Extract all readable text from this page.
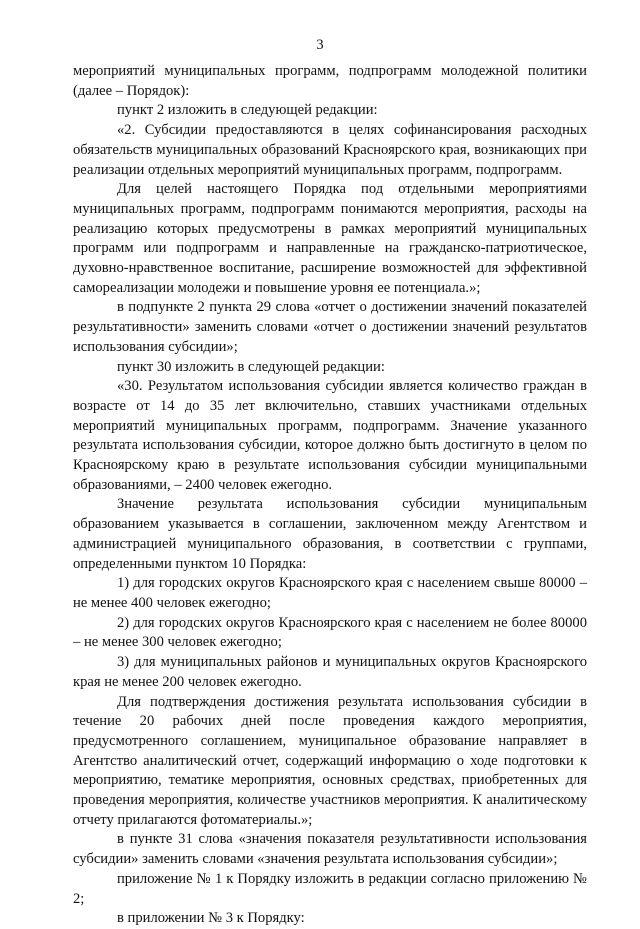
3

мероприятий муниципальных программ, подпрограмм молодежной политики (далее – Порядок):

пункт 2 изложить в следующей редакции:

«2. Субсидии предоставляются в целях софинансирования расходных обязательств муниципальных образований Красноярского края, возникающих при реализации отдельных мероприятий муниципальных программ, подпрограмм.

Для целей настоящего Порядка под отдельными мероприятиями муниципальных программ, подпрограмм понимаются мероприятия, расходы на реализацию которых предусмотрены в рамках мероприятий муниципальных программ или подпрограмм и направленные на гражданско-патриотическое, духовно-нравственное воспитание, расширение возможностей для эффективной самореализации молодежи и повышение уровня ее потенциала.»;

в подпункте 2 пункта 29 слова «отчет о достижении значений показателей результативности» заменить словами «отчет о достижении значений результатов использования субсидии»;

пункт 30 изложить в следующей редакции:

«30. Результатом использования субсидии является количество граждан в возрасте от 14 до 35 лет включительно, ставших участниками отдельных мероприятий муниципальных программ, подпрограмм. Значение указанного результата использования субсидии, которое должно быть достигнуто в целом по Красноярскому краю в результате использования субсидии муниципальными образованиями, – 2400 человек ежегодно.

Значение результата использования субсидии муниципальным образованием указывается в соглашении, заключенном между Агентством и администрацией муниципального образования, в соответствии с группами, определенными пунктом 10 Порядка:

1) для городских округов Красноярского края с населением свыше 80000 – не менее 400 человек ежегодно;

2) для городских округов Красноярского края с населением не более 80000 – не менее 300 человек ежегодно;

3) для муниципальных районов и муниципальных округов Красноярского края не менее 200 человек ежегодно.

Для подтверждения достижения результата использования субсидии в течение 20 рабочих дней после проведения каждого мероприятия, предусмотренного соглашением, муниципальное образование направляет в Агентство аналитический отчет, содержащий информацию о ходе подготовки к мероприятию, тематике мероприятия, основных средствах, приобретенных для проведения мероприятия, количестве участников мероприятия. К аналитическому отчету прилагаются фотоматериалы.»;

в пункте 31 слова «значения показателя результативности использования субсидии» заменить словами «значения результата использования субсидии»;

приложение № 1 к Порядку изложить в редакции согласно приложению № 2;

в приложении № 3 к Порядку:
